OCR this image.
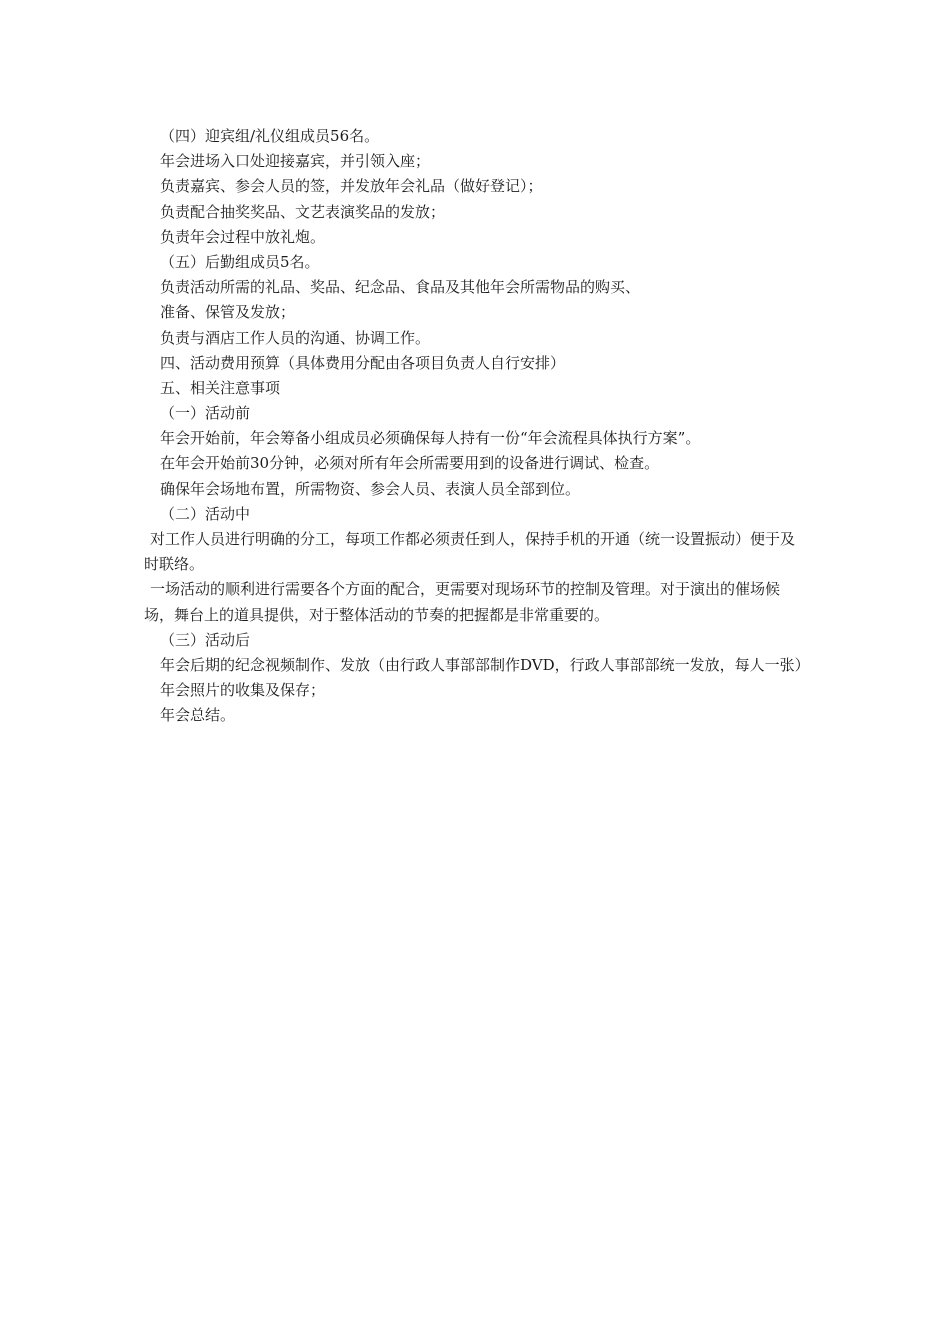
（四）迎宾组/礼仪组成员56名。
年会进场入口处迎接嘉宾，并引领入座；
负责嘉宾、参会人员的签，并发放年会礼品（做好登记）；
负责配合抽奖奖品、文艺表演奖品的发放；
负责年会过程中放礼炮。
（五）后勤组成员5名。
负责活动所需的礼品、奖品、纪念品、食品及其他年会所需物品的购买、
准备、保管及发放；
负责与酒店工作人员的沟通、协调工作。
四、活动费用预算（具体费用分配由各项目负责人自行安排）
五、相关注意事项
（一）活动前
年会开始前，年会筹备小组成员必须确保每人持有一份“年会流程具体执行方案”。
在年会开始前30分钟，必须对所有年会所需要用到的设备进行调试、检查。
确保年会场地布置，所需物资、参会人员、表演人员全部到位。
（二）活动中
对工作人员进行明确的分工，每项工作都必须责任到人，保持手机的开通（统一设置振动）便于及时联络。
一场活动的顺利进行需要各个方面的配合，更需要对现场环节的控制及管理。对于演出的催场候场，舞台上的道具提供，对于整体活动的节奏的把握都是非常重要的。
（三）活动后
年会后期的纪念视频制作、发放（由行政人事部部制作DVD，行政人事部部统一发放，每人一张）
年会照片的收集及保存；
年会总结。
